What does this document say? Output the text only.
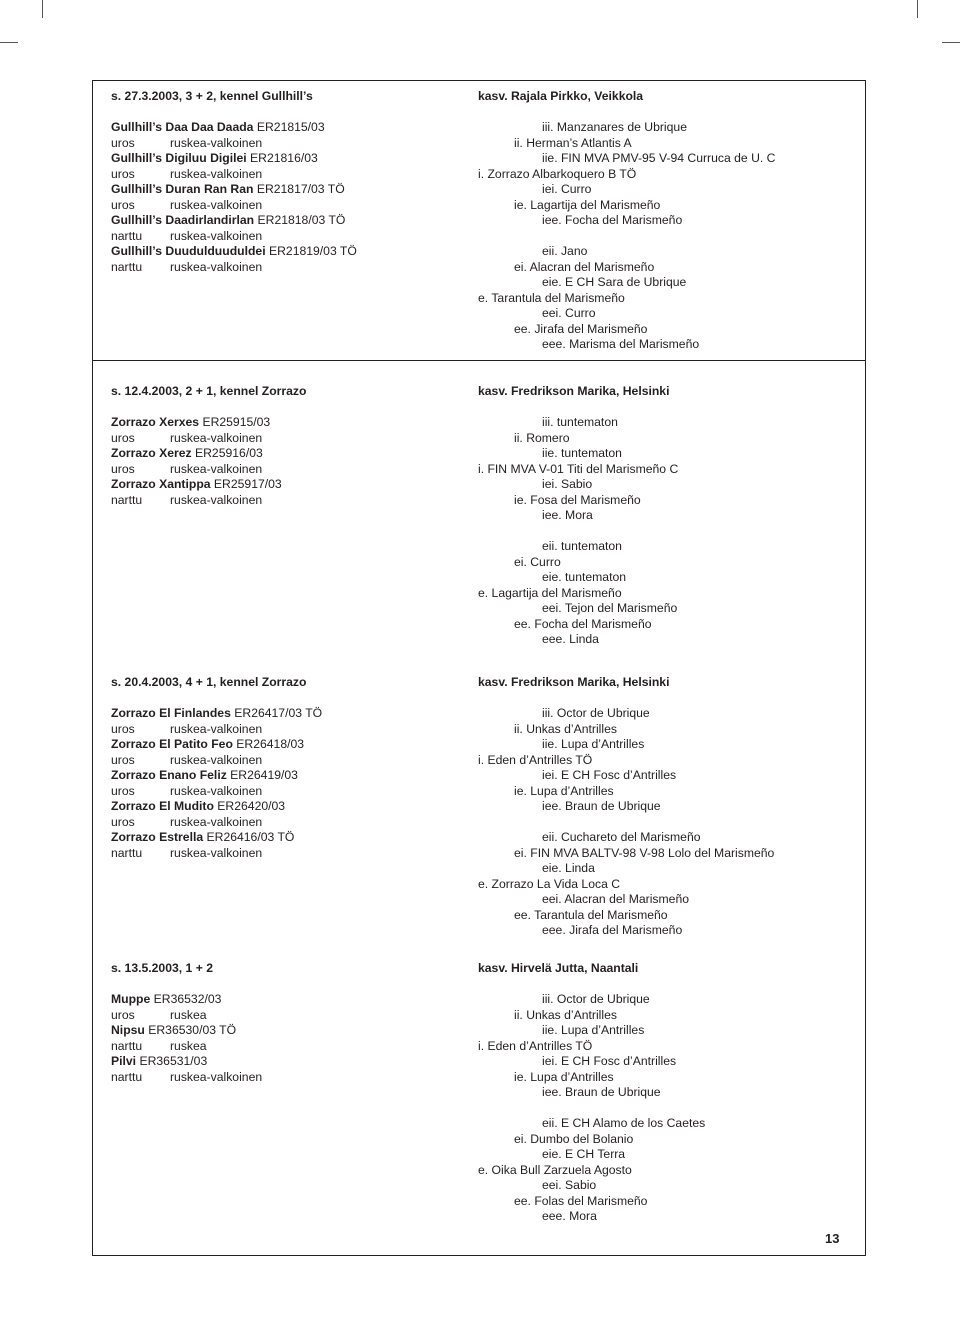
s. 27.3.2003, 3 + 2, kennel Gullhill’s
Gullhill’s Daa Daa Daada ER21815/03
uros	ruskea-valkoinen
Gullhill’s Digiluu Digilei ER21816/03
uros	ruskea-valkoinen
Gullhill’s Duran Ran Ran ER21817/03 TÖ
uros	ruskea-valkoinen
Gullhill’s Daadirlandirlan ER21818/03 TÖ
narttu ruskea-valkoinen
Gullhill’s Duudulduuduldei ER21819/03 TÖ
narttu ruskea-valkoinen
kasv. Rajala Pirkko, Veikkola
iii. Manzanares de Ubrique
ii. Herman’s Atlantis A
iie. FIN MVA PMV-95 V-94 Curruca de U. C
i. Zorrazo Albarkoquero B TÖ
iei. Curro
ie. Lagartija del Marismeño
iee. Focha del Marismeño
eii. Jano
ei. Alacran del Marismeño
eie. E CH Sara de Ubrique
e. Tarantula del Marismeño
eei. Curro
ee. Jirafa del Marismeño
eee. Marisma del Marismeño
s. 12.4.2003, 2 + 1, kennel Zorrazo
Zorrazo Xerxes ER25915/03
uros	ruskea-valkoinen
Zorrazo Xerez ER25916/03
uros	ruskea-valkoinen
Zorrazo Xantippa ER25917/03
narttu ruskea-valkoinen
kasv. Fredrikson Marika, Helsinki
iii. tuntematon
ii. Romero
iie. tuntematon
i. FIN MVA V-01 Titi del Marismeño C
iei. Sabio
ie. Fosa del Marismeño
iee. Mora
eii. tuntematon
ei. Curro
eie. tuntematon
e. Lagartija del Marismeño
eei. Tejon del Marismeño
ee. Focha del Marismeño
eee. Linda
s. 20.4.2003, 4 + 1, kennel Zorrazo
Zorrazo El Finlandes ER26417/03 TÖ
uros	ruskea-valkoinen
Zorrazo El Patito Feo ER26418/03
uros	ruskea-valkoinen
Zorrazo Enano Feliz ER26419/03
uros	ruskea-valkoinen
Zorrazo El Mudito ER26420/03
uros	ruskea-valkoinen
Zorrazo Estrella ER26416/03 TÖ
narttu ruskea-valkoinen
kasv. Fredrikson Marika, Helsinki
iii. Octor de Ubrique
ii. Unkas d’Antrilles
iie. Lupa d’Antrilles
i. Eden d’Antrilles TÖ
iei. E CH Fosc d’Antrilles
ie. Lupa d’Antrilles
iee. Braun de Ubrique
eii. Cuchareto del Marismeño
ei. FIN MVA BALTV-98 V-98 Lolo del Marismeño
eie. Linda
e. Zorrazo La Vida Loca C
eei. Alacran del Marismeño
ee. Tarantula del Marismeño
eee. Jirafa del Marismeño
s. 13.5.2003, 1 + 2
Muppe ER36532/03
uros	ruskea
Nipsu ER36530/03 TÖ
narttu ruskea
Pilvi ER36531/03
narttu ruskea-valkoinen
kasv. Hirvelä Jutta, Naantali
iii. Octor de Ubrique
ii. Unkas d’Antrilles
iie. Lupa d’Antrilles
i. Eden d’Antrilles TÖ
iei. E CH Fosc d’Antrilles
ie. Lupa d’Antrilles
iee. Braun de Ubrique
eii. E CH Alamo de los Caetes
ei. Dumbo del Bolanio
eie. E CH Terra
e. Oika Bull Zarzuela Agosto
eei. Sabio
ee. Folas del Marismeño
eee. Mora
13
